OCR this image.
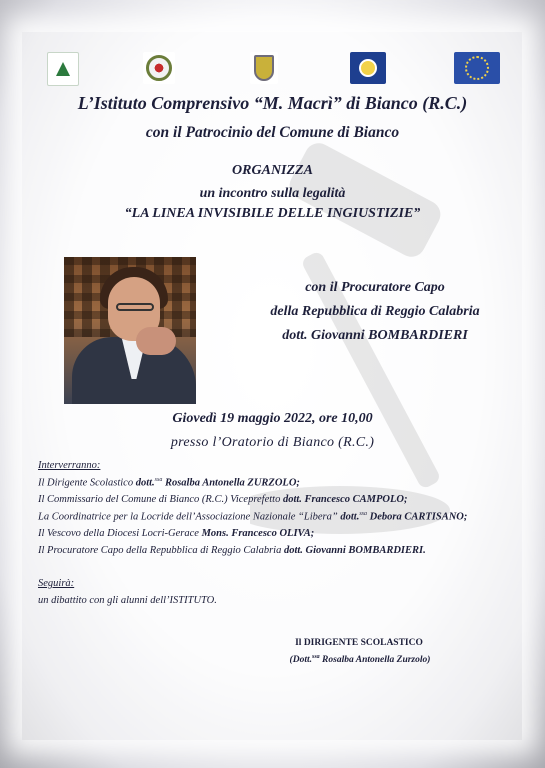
L’Istituto Comprensivo “M. Macrì” di Bianco (R.C.)
con il Patrocinio del Comune di Bianco
ORGANIZZA
un incontro sulla legalità
“LA LINEA INVISIBILE DELLE INGIUSTIZIE”
con il Procuratore Capo
della Repubblica di Reggio Calabria
dott. Giovanni BOMBARDIERI
Giovedì 19 maggio 2022, ore 10,00
presso l’Oratorio di Bianco (R.C.)
Interverranno:
Il Dirigente Scolastico dott.$^{ssa}$ Rosalba Antonella ZURZOLO;
Il Commissario del Comune di Bianco (R.C.) Viceprefetto dott. Francesco CAMPOLO;
La Coordinatrice per la Locride dell’Associazione Nazionale “Libera” dott.$^{ssa}$ Debora CARTISANO;
Il Vescovo della Diocesi Locri-Gerace Mons. Francesco OLIVA;
Il Procuratore Capo della Repubblica di Reggio Calabria dott. Giovanni BOMBARDIERI.
Seguirà:
un dibattito con gli alunni dell’ISTITUTO.
Il DIRIGENTE SCOLASTICO
(Dott.$^{ssa}$ Rosalba Antonella Zurzolo)
